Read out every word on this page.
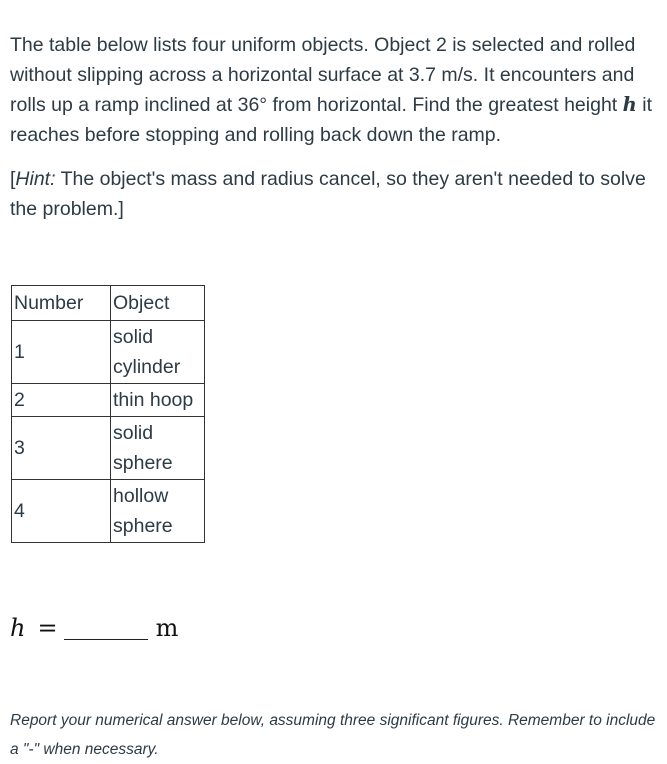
The table below lists four uniform objects. Object 2 is selected and rolled without slipping across a horizontal surface at 3.7 m/s. It encounters and rolls up a ramp inclined at 36° from horizontal. Find the greatest height h it reaches before stopping and rolling back down the ramp.

[Hint: The object's mass and radius cancel, so they aren't needed to solve the problem.]

Number	Object
1	solid cylinder
2	thin hoop
3	solid sphere
4	hollow sphere
h =	m

Report your numerical answer below, assuming three significant figures. Remember to include a "-" when necessary.
